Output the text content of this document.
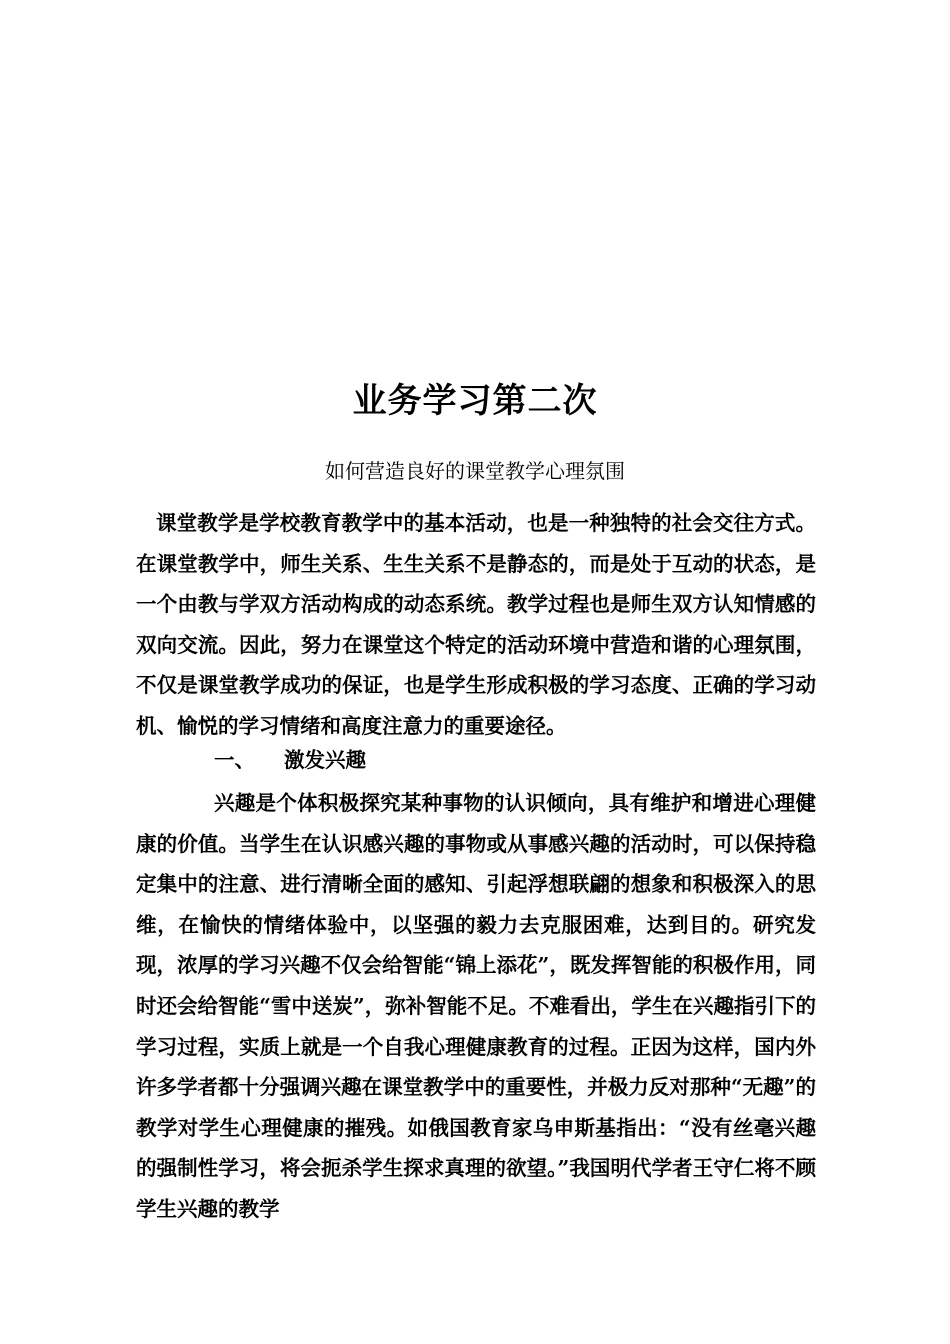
业务学习第二次
如何营造良好的课堂教学心理氛围
课堂教学是学校教育教学中的基本活动，也是一种独特的社会交往方式。在课堂教学中，师生关系、生生关系不是静态的，而是处于互动的状态，是一个由教与学双方活动构成的动态系统。教学过程也是师生双方认知情感的双向交流。因此，努力在课堂这个特定的活动环境中营造和谐的心理氛围，不仅是课堂教学成功的保证，也是学生形成积极的学习态度、正确的学习动机、愉悦的学习情绪和高度注意力的重要途径。
一、 激发兴趣
兴趣是个体积极探究某种事物的认识倾向，具有维护和增进心理健康的价值。当学生在认识感兴趣的事物或从事感兴趣的活动时，可以保持稳定集中的注意、进行清晰全面的感知、引起浮想联翩的想象和积极深入的思维，在愉快的情绪体验中，以坚强的毅力去克服困难，达到目的。研究发现，浓厚的学习兴趣不仅会给智能“锦上添花”，既发挥智能的积极作用，同时还会给智能“雪中送炭”，弥补智能不足。不难看出，学生在兴趣指引下的学习过程，实质上就是一个自我心理健康教育的过程。正因为这样，国内外许多学者都十分强调兴趣在课堂教学中的重要性，并极力反对那种“无趣”的教学对学生心理健康的摧残。如俄国教育家乌申斯基指出：“没有丝毫兴趣的强制性学习，将会扼杀学生探求真理的欲望。”我国明代学者王守仁将不顾学生兴趣的教学
